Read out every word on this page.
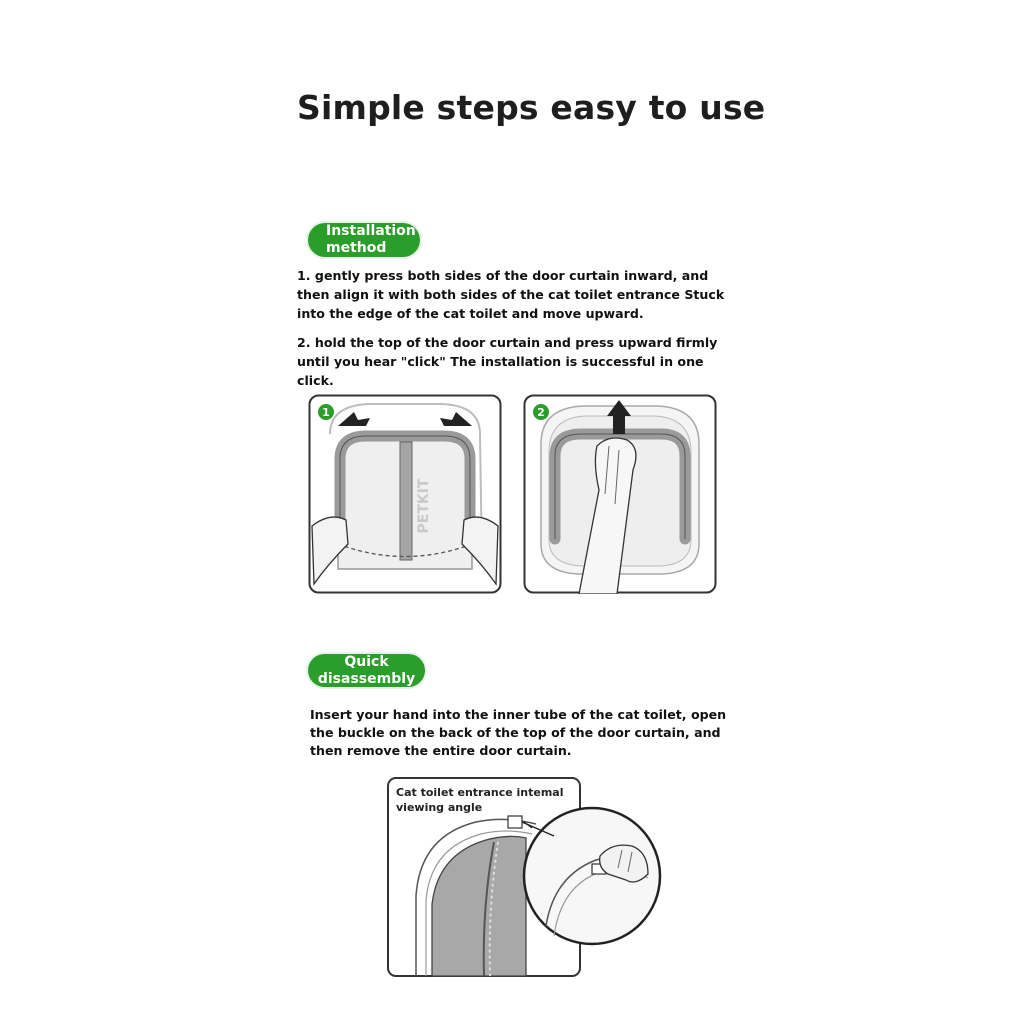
Simple steps easy to use
Installation
method
1. gently press both sides of the door curtain inward, and then align it with both sides of the cat toilet entrance Stuck into the edge of the cat toilet and move upward.
2. hold the top of the door curtain and press upward firmly until you hear "click" The installation is successful in one click.
PETKIT
1	2
Quick
disassembly
Insert your hand into the inner tube of the cat toilet, open the buckle on the back of the top of the door curtain, and then remove the entire door curtain.
Cat toilet entrance intemal viewing angle
